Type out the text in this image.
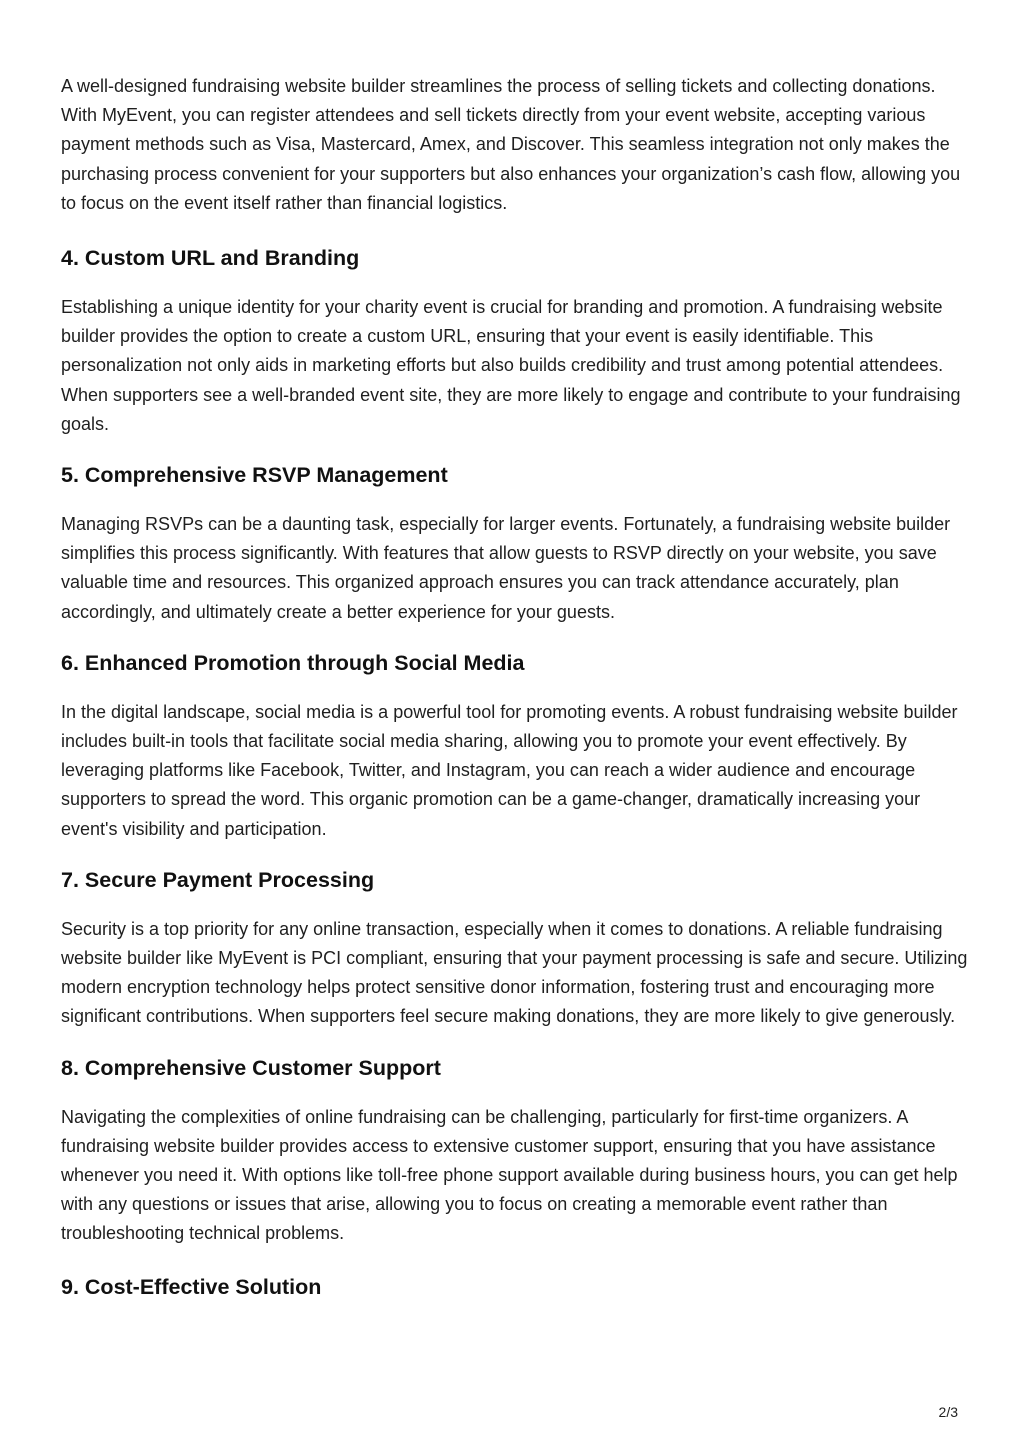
A well-designed fundraising website builder streamlines the process of selling tickets and collecting donations. With MyEvent, you can register attendees and sell tickets directly from your event website, accepting various payment methods such as Visa, Mastercard, Amex, and Discover. This seamless integration not only makes the purchasing process convenient for your supporters but also enhances your organization’s cash flow, allowing you to focus on the event itself rather than financial logistics.

4. Custom URL and Branding

Establishing a unique identity for your charity event is crucial for branding and promotion. A fundraising website builder provides the option to create a custom URL, ensuring that your event is easily identifiable. This personalization not only aids in marketing efforts but also builds credibility and trust among potential attendees. When supporters see a well-branded event site, they are more likely to engage and contribute to your fundraising goals.

5. Comprehensive RSVP Management

Managing RSVPs can be a daunting task, especially for larger events. Fortunately, a fundraising website builder simplifies this process significantly. With features that allow guests to RSVP directly on your website, you save valuable time and resources. This organized approach ensures you can track attendance accurately, plan accordingly, and ultimately create a better experience for your guests.

6. Enhanced Promotion through Social Media

In the digital landscape, social media is a powerful tool for promoting events. A robust fundraising website builder includes built-in tools that facilitate social media sharing, allowing you to promote your event effectively. By leveraging platforms like Facebook, Twitter, and Instagram, you can reach a wider audience and encourage supporters to spread the word. This organic promotion can be a game-changer, dramatically increasing your event's visibility and participation.

7. Secure Payment Processing

Security is a top priority for any online transaction, especially when it comes to donations. A reliable fundraising website builder like MyEvent is PCI compliant, ensuring that your payment processing is safe and secure. Utilizing modern encryption technology helps protect sensitive donor information, fostering trust and encouraging more significant contributions. When supporters feel secure making donations, they are more likely to give generously.

8. Comprehensive Customer Support

Navigating the complexities of online fundraising can be challenging, particularly for first-time organizers. A fundraising website builder provides access to extensive customer support, ensuring that you have assistance whenever you need it. With options like toll-free phone support available during business hours, you can get help with any questions or issues that arise, allowing you to focus on creating a memorable event rather than troubleshooting technical problems.

9. Cost-Effective Solution
2/3
